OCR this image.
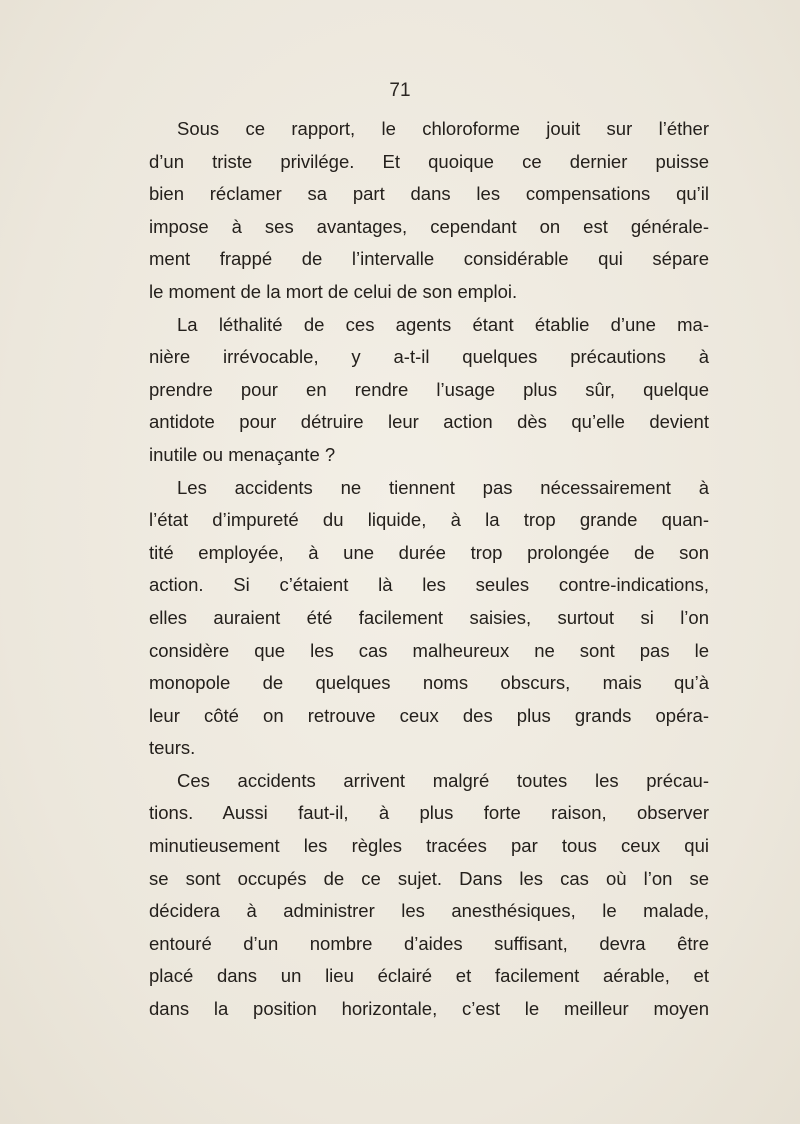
71

Sous ce rapport, le chloroforme jouit sur l’éther
d’un triste privilége. Et quoique ce dernier puisse
bien réclamer sa part dans les compensations qu’il
impose à ses avantages, cependant on est générale-
ment frappé de l’intervalle considérable qui sépare
le moment de la mort de celui de son emploi.

La léthalité de ces agents étant établie d’une ma-
nière irrévocable, y a-t-il quelques précautions à
prendre pour en rendre l’usage plus sûr, quelque
antidote pour détruire leur action dès qu’elle devient
inutile ou menaçante ?

Les accidents ne tiennent pas nécessairement à
l’état d’impureté du liquide, à la trop grande quan-
tité employée, à une durée trop prolongée de son
action. Si c’étaient là les seules contre-indications,
elles auraient été facilement saisies, surtout si l’on
considère que les cas malheureux ne sont pas le
monopole de quelques noms obscurs, mais qu’à
leur côté on retrouve ceux des plus grands opéra-
teurs.

Ces accidents arrivent malgré toutes les précau-
tions. Aussi faut-il, à plus forte raison, observer
minutieusement les règles tracées par tous ceux qui
se sont occupés de ce sujet. Dans les cas où l’on se
décidera à administrer les anesthésiques, le malade,
entouré d’un nombre d’aides suffisant, devra être
placé dans un lieu éclairé et facilement aérable, et
dans la position horizontale, c’est le meilleur moyen
